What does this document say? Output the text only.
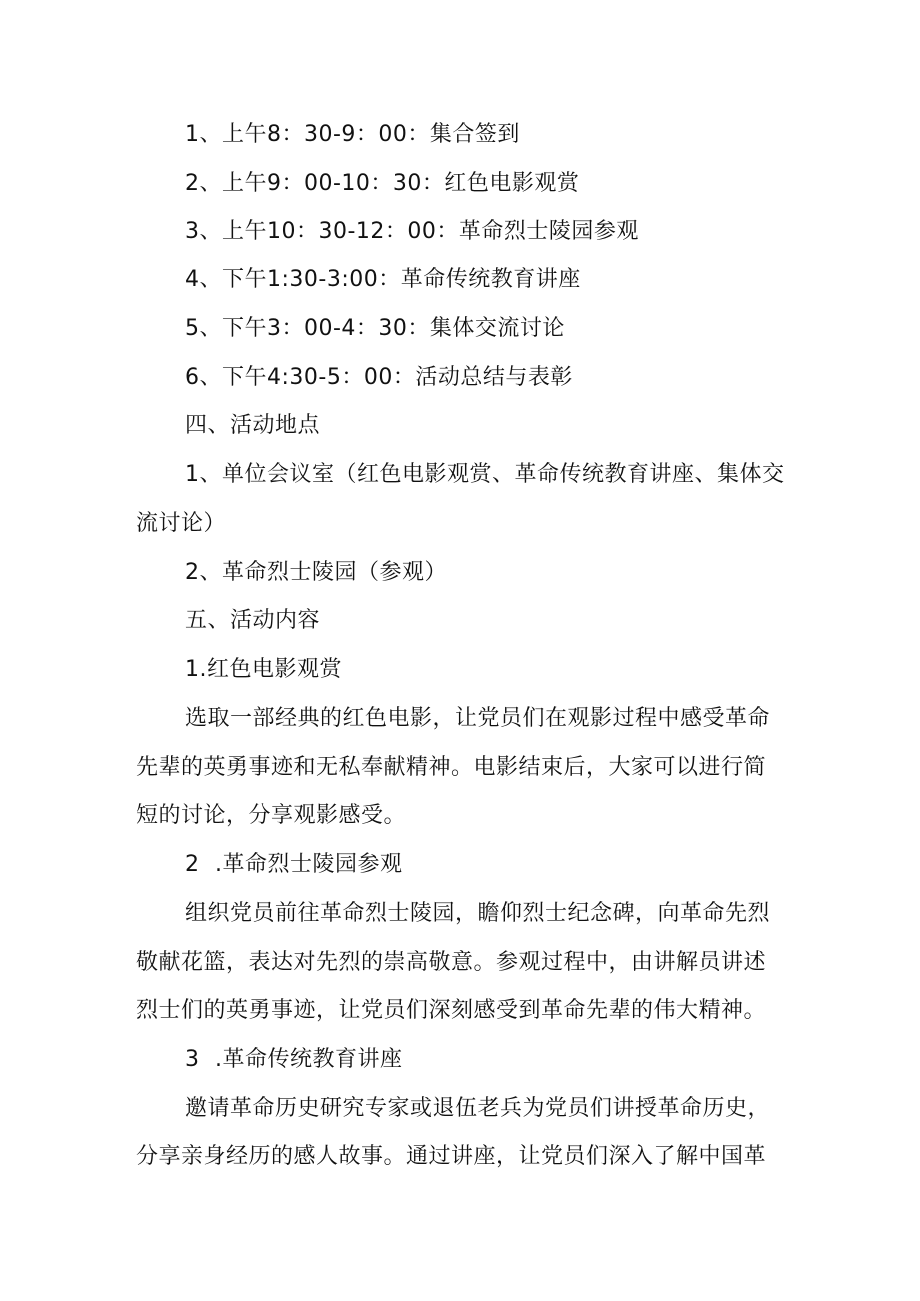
1、上午8：30-9：00：集合签到
2、上午9：00-10：30：红色电影观赏
3、上午10：30-12：00：革命烈士陵园参观
4、下午1:30-3:00：革命传统教育讲座
5、下午3：00-4：30：集体交流讨论
6、下午4:30-5：00：活动总结与表彰
四、活动地点
1、单位会议室（红色电影观赏、革命传统教育讲座、集体交
流讨论）
2、革命烈士陵园（参观）
五、活动内容
1.红色电影观赏
选取一部经典的红色电影，让党员们在观影过程中感受革命
先辈的英勇事迹和无私奉献精神。电影结束后，大家可以进行简
短的讨论，分享观影感受。
2	.革命烈士陵园参观
组织党员前往革命烈士陵园，瞻仰烈士纪念碑，向革命先烈
敬献花篮，表达对先烈的崇高敬意。参观过程中，由讲解员讲述
烈士们的英勇事迹，让党员们深刻感受到革命先辈的伟大精神。
3	.革命传统教育讲座
邀请革命历史研究专家或退伍老兵为党员们讲授革命历史，
分享亲身经历的感人故事。通过讲座，让党员们深入了解中国革
